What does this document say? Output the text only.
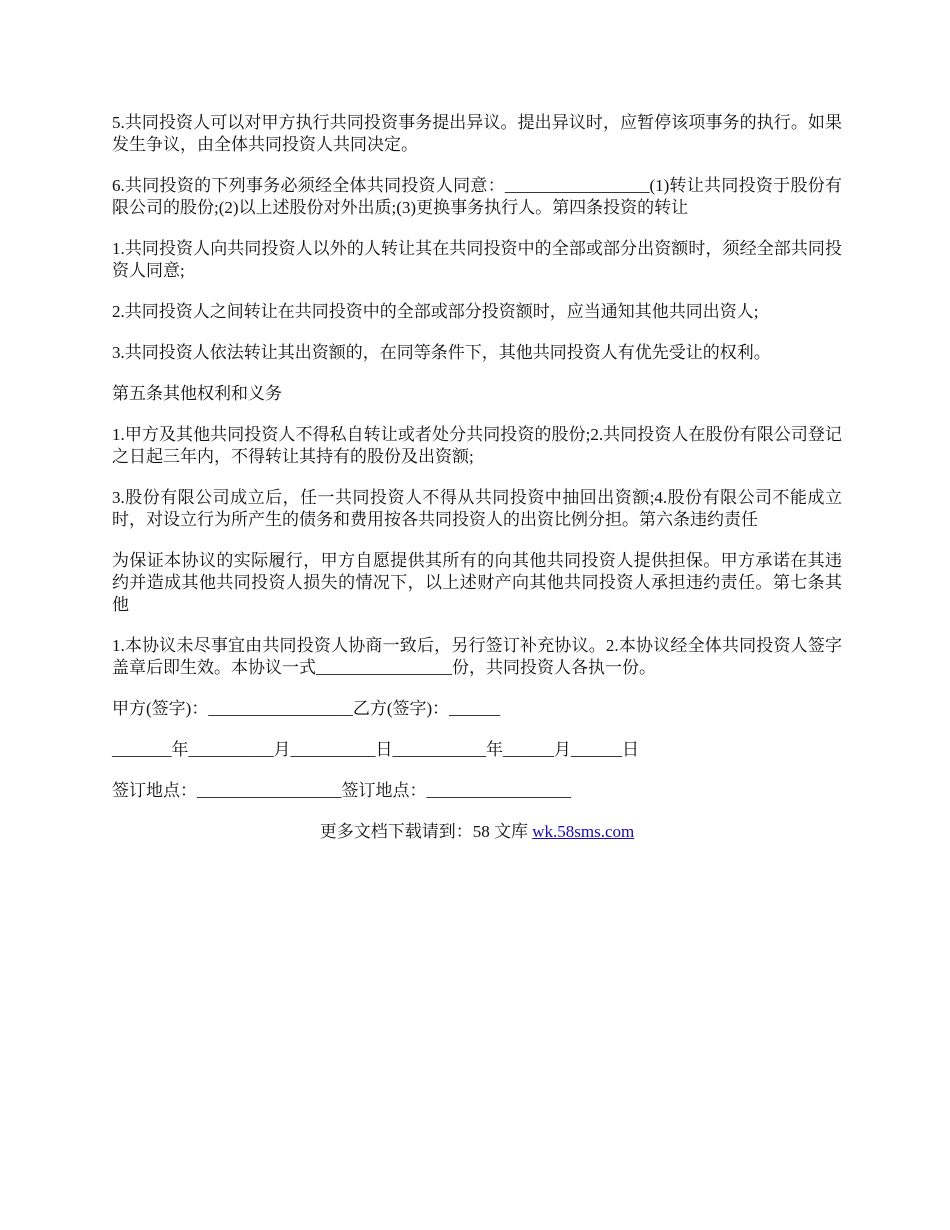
5.共同投资人可以对甲方执行共同投资事务提出异议。提出异议时，应暂停该项事务的执行。如果发生争议，由全体共同投资人共同决定。

6.共同投资的下列事务必须经全体共同投资人同意：_________________(1)转让共同投资于股份有限公司的股份;(2)以上述股份对外出质;(3)更换事务执行人。第四条投资的转让

1.共同投资人向共同投资人以外的人转让其在共同投资中的全部或部分出资额时，须经全部共同投资人同意;

2.共同投资人之间转让在共同投资中的全部或部分投资额时，应当通知其他共同出资人;

3.共同投资人依法转让其出资额的，在同等条件下，其他共同投资人有优先受让的权利。

第五条其他权利和义务

1.甲方及其他共同投资人不得私自转让或者处分共同投资的股份;2.共同投资人在股份有限公司登记之日起三年内，不得转让其持有的股份及出资额;

3.股份有限公司成立后，任一共同投资人不得从共同投资中抽回出资额;4.股份有限公司不能成立时，对设立行为所产生的债务和费用按各共同投资人的出资比例分担。第六条违约责任

为保证本协议的实际履行，甲方自愿提供其所有的向其他共同投资人提供担保。甲方承诺在其违约并造成其他共同投资人损失的情况下，以上述财产向其他共同投资人承担违约责任。第七条其他

1.本协议未尽事宜由共同投资人协商一致后，另行签订补充协议。2.本协议经全体共同投资人签字盖章后即生效。本协议一式________________份，共同投资人各执一份。

甲方(签字)：_________________乙方(签字)：______

_______年__________月__________日___________年______月______日

签订地点：_________________签订地点：_________________

更多文档下载请到：58 文库 wk.58sms.com
